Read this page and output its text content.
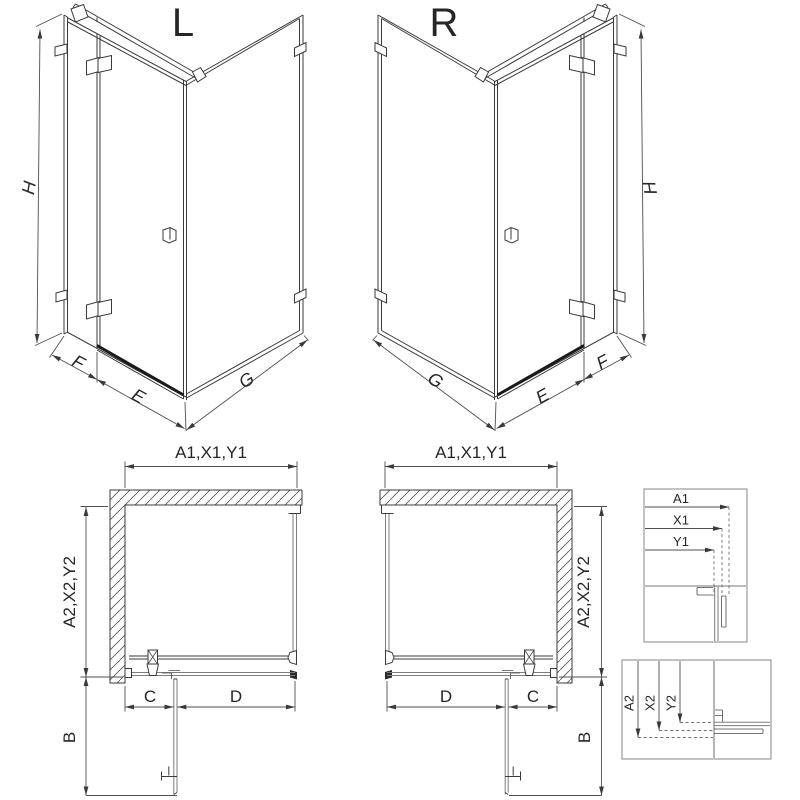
L
H
F
E
G
R
H
F
E
G
A1,X1,Y1
A2,X2,Y2
B
C	D
A1,X1,Y1
A2,X2,Y2
B
D	C
A1
X1
Y1
A2 X2 Y2
